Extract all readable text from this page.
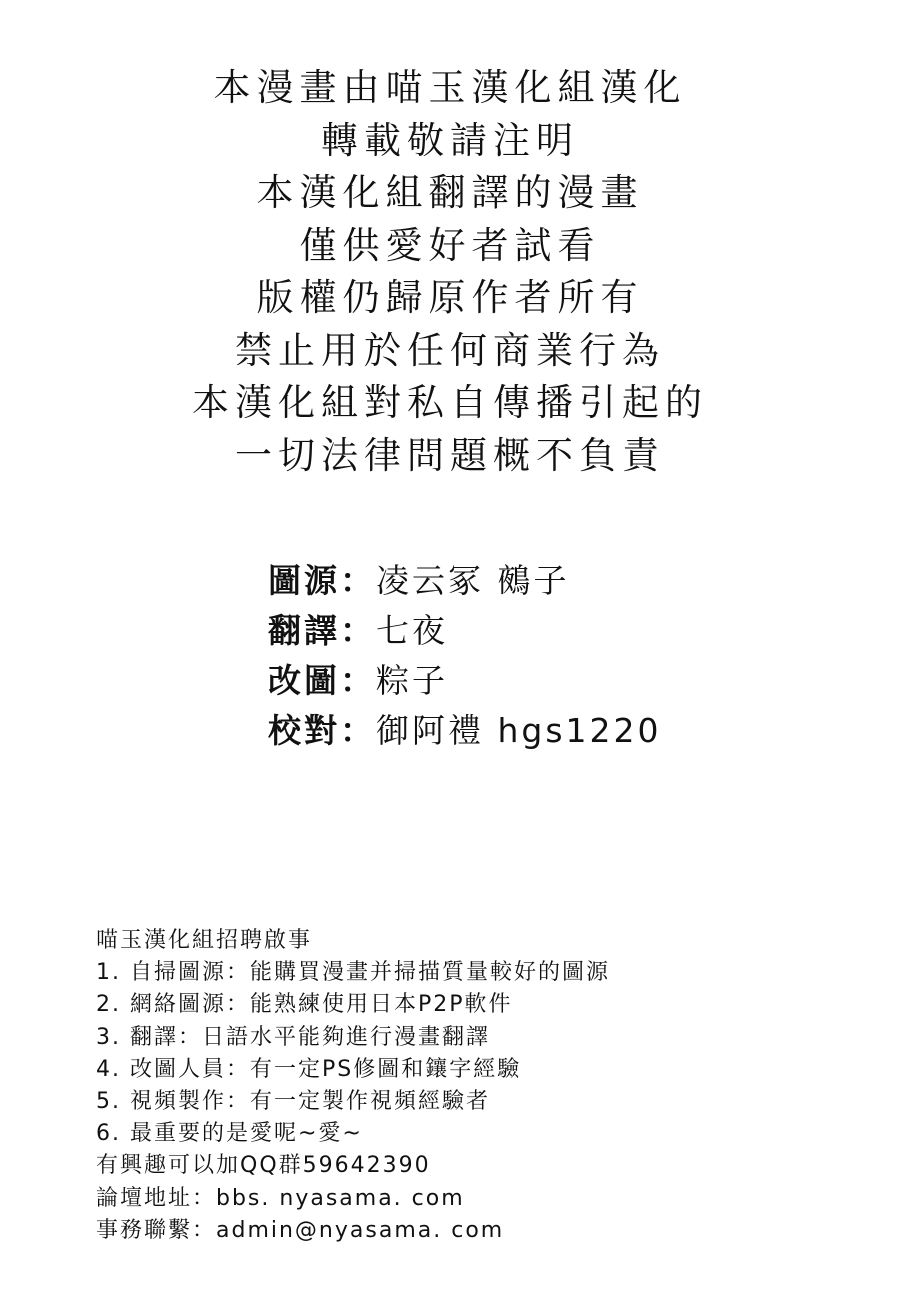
本漫畫由喵玉漢化組漢化
轉載敬請注明
本漢化組翻譯的漫畫
僅供愛好者試看
版權仍歸原作者所有
禁止用於任何商業行為
本漢化組對私自傳播引起的
一切法律問題概不負責
圖源：凌云冢 鵺子
翻譯：七夜
改圖：粽子
校對：御阿禮 hgs1220
喵玉漢化組招聘啟事
1. 自掃圖源：能購買漫畫并掃描質量較好的圖源
2. 網絡圖源：能熟練使用日本P2P軟件
3. 翻譯：日語水平能夠進行漫畫翻譯
4. 改圖人員：有一定PS修圖和鑲字經驗
5. 視頻製作：有一定製作視頻經驗者
6. 最重要的是愛呢~愛~
有興趣可以加QQ群59642390
論壇地址：bbs. nyasama. com
事務聯繫：admin@nyasama. com
